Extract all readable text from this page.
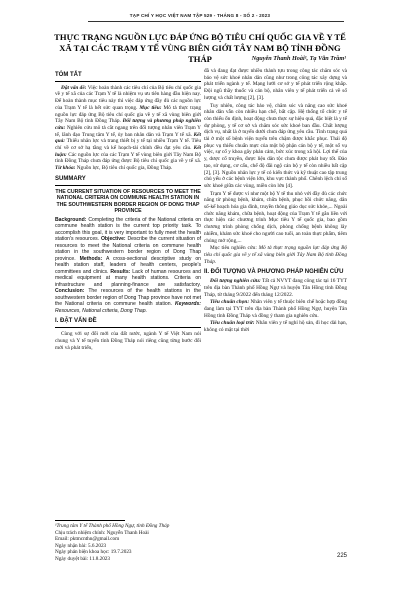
TẠP CHÍ Y HỌC VIỆT NAM TẬP 529 - THÁNG 8 - SỐ 2 - 2023
THỰC TRẠNG NGUỒN LỰC ĐÁP ỨNG BỘ TIÊU CHÍ QUỐC GIA VỀ Y TẾ XÃ TẠI CÁC TRẠM Y TẾ VÙNG BIÊN GIỚI TÂY NAM BỘ TỈNH ĐỒNG THÁP	Nguyễn Thanh Hoài¹, Tạ Văn Trầm¹
TÓM TẮT

Đặt vấn đề: Việc hoàn thành các tiêu chí của Bộ tiêu chí quốc gia về y tế xã của các Trạm Y tế là nhiệm vụ ưu tiên hàng đầu hiện nay. Để hoàn thành mục tiêu này thì việc đáp ứng đầy đủ các nguồn lực của Trạm Y tế là hết sức quan trọng. Mục tiêu: Mô tả thực trạng nguồn lực đáp ứng Bộ tiêu chí quốc gia về y tế xã vùng biên giới Tây Nam Bộ tỉnh Đồng Tháp. Đối tượng và phương pháp nghiên cứu: Nghiên cứu mô tả cắt ngang trên đối tượng nhân viên Trạm Y tế, lãnh đạo Trung tâm Y tế, ủy ban nhân dân và Trạm Y tế xã. Kết quả: Thiếu nhân lực và trang thiết bị y tế tại nhiều Trạm Y tế. Tiêu chí về cơ sở hạ tầng và kế hoạch-tài chính đều đạt yêu cầu. Kết luận: Các nguồn lực của các Trạm Y tế vùng biên giới Tây Nam Bộ tỉnh Đồng Tháp chưa đáp ứng được Bộ tiêu chí quốc gia về y tế xã. Từ khóa: Nguồn lực, Bộ tiêu chí quốc gia, Đồng Tháp.

SUMMARY
THE CURRENT SITUATION OF RESOURCES TO MEET THE NATIONAL CRITERIA ON COMMUNE HEALTH STATION IN THE SOUTHWESTERN BORDER REGION OF DONG THAP PROVINCE

Background: Completing the criteria of the National criteria on commune health station is the current top priority task. To accomplish this goal, it is very important to fully meet the health station's resources. Objective: Describe the current situation of resources to meet the National criteria on commune health station in the southwestern border region of Dong Thap province. Methods: A cross-sectional descriptive study on health station staff, leaders of health centers, people's committees and clinics. Results: Lack of human resources and medical equipment at many health stations. Criteria on infrastructure and planning-finance are satisfactory. Conclusion: The resources of the health stations in the southwestern border region of Dong Thap province have not met the National criteria on commune health station. Keywords: Resources, National criteria, Dong Thap.

I. ĐẶT VẤN ĐỀ

Cùng với sự đổi mới của đất nước, ngành Y tế Việt Nam nói chung và Y tế tuyến tỉnh Đồng Tháp nói riêng cũng từng bước đổi mới và phát triển,

đã và đang đạt được nhiều thành tựu trong công tác chăm sóc và bảo vệ sức khoẻ nhân dân cũng như trong công tác xây dựng và phát triển ngành y tế. Mạng lưới cơ sở y tế phát triển rộng khắp. Đội ngũ thầy thuốc và cán bộ, nhân viên y tế phát triển cả về số lượng và chất lượng [2], [3].

Tuy nhiên, công tác bảo vệ, chăm sóc và nâng cao sức khoẻ nhân dân vẫn còn nhiều hạn chế, bất cập. Hệ thống tổ chức y tế còn thiếu ổn định, hoạt động chưa thực sự hiệu quả, đặc biệt là y tế dự phòng, y tế cơ sở và chăm sóc sức khoẻ ban đầu. Chất lượng dịch vụ, nhất là ở tuyến dưới chưa đáp ứng yêu cầu. Tình trạng quá tải ở một số bệnh viện tuyến trên chậm được khắc phục. Thái độ phục vụ thiếu chuẩn mực của một bộ phận cán bộ y tế, một số vụ việc, sự cố y khoa gây phản cảm, bức xúc trong xã hội. Lợi thế của y, dược cổ truyền, được liệu dân tộc chưa được phát huy tốt. Đào tạo, sử dụng, cơ cấu, chế độ đãi ngộ cán bộ y tế còn nhiều bất cập [2], [3]. Nguồn nhân lực y tế có kiến thức và kỹ thuật cao tập trung chủ yếu ở các bệnh viện lớn, khu vực thành phố. Chênh lệch chỉ số sức khoẻ giữa các vùng, miền còn lớn [4].

Trạm Y tế được ví như một bộ Y tế thu nhỏ với đầy đủ các chức năng từ phòng bệnh, khám, chữa bệnh, phục hồi chức năng, dân số-kế hoạch hóa gia đình, truyền thông giáo dục sức khỏe,... Ngoài chức năng khám, chữa bệnh, hoạt động của Trạm Y tế gắn liền với thực hiện các chương trình Mục tiêu Y tế quốc gia, bao gồm chương trình phòng chống dịch, phòng chống bệnh không lây nhiễm, khám sức khoẻ cho người cao tuổi, an toàn thực phẩm, tiêm chủng mở rộng,...

Mục tiêu nghiên cứu: Mô tả thực trạng nguồn lực đáp ứng Bộ tiêu chí quốc gia về y tế xã vùng biên giới Tây Nam Bộ tỉnh Đồng Tháp.

II. ĐỐI TƯỢNG VÀ PHƯƠNG PHÁP NGHIÊN CỨU

Đối tượng nghiên cứu: Tất cả NVYT đang công tác tại 16 TYT trên địa bàn Thành phố Hồng Ngự và huyện Tân Hồng tỉnh Đồng Tháp, từ tháng 9/2022 đến tháng 12/2022.

Tiêu chuẩn chọn: Nhân viên y tế thuộc biên chế hoặc hợp đồng đang làm tại TYT trên địa bàn Thành phố Hồng Ngự, huyện Tân Hồng tỉnh Đồng Tháp và đồng ý tham gia nghiên cứu.

Tiêu chuẩn loại trừ: Nhân viên y tế nghỉ hộ sản, đi học dài hạn, không có mặt tại thời

¹Trung tâm Y tế Thành phố Hồng Ngự, tỉnh Đồng Tháp
Chịu trách nhiệm chính: Nguyễn Thanh Hoài
Email: pktmcnthn@gmail.com
Ngày nhận bài: 5.6.2023
Ngày phản biện khoa học: 19.7.2023
Ngày duyệt bài: 11.8.2023	225
